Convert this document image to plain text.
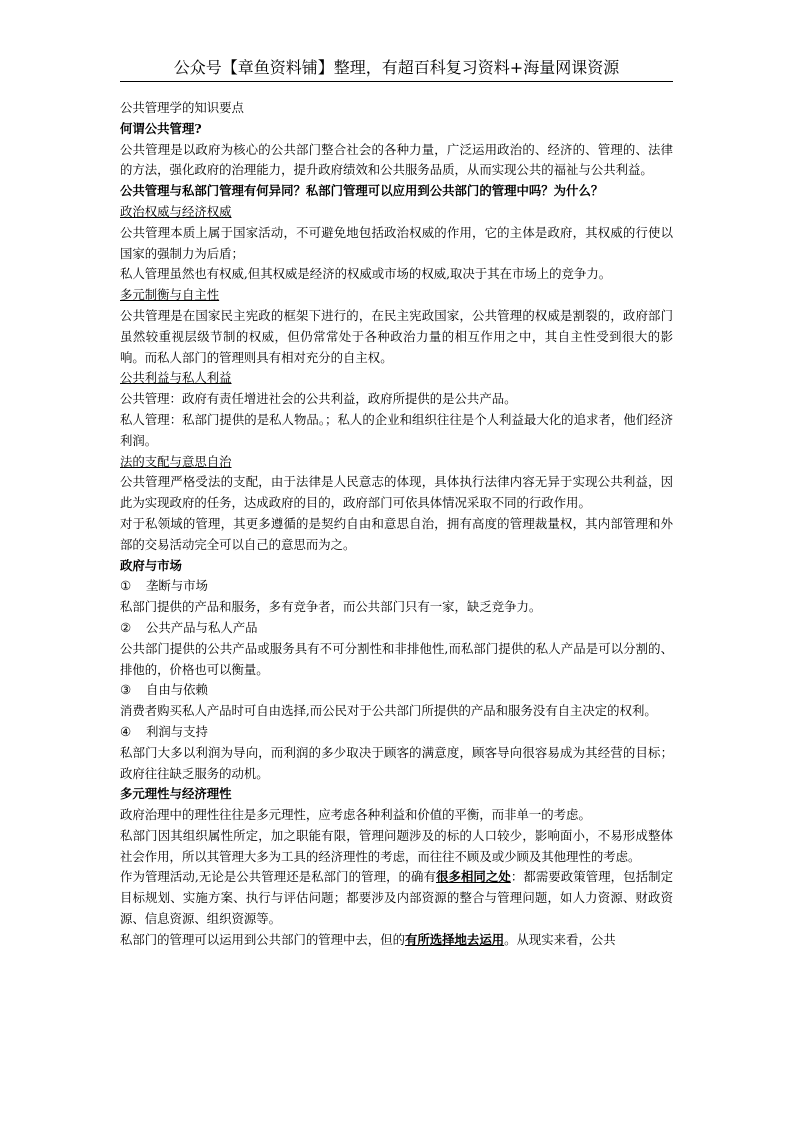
公众号【章鱼资料铺】整理，有超百科复习资料+海量网课资源

公共管理学的知识要点

何谓公共管理?

公共管理是以政府为核心的公共部门整合社会的各种力量，广泛运用政治的、经济的、管理的、法律的方法，强化政府的治理能力，提升政府绩效和公共服务品质，从而实现公共的福祉与公共利益。

公共管理与私部门管理有何异同？私部门管理可以应用到公共部门的管理中吗？为什么？

政治权威与经济权威

公共管理本质上属于国家活动，不可避免地包括政治权威的作用，它的主体是政府，其权威的行使以国家的强制力为后盾；

私人管理虽然也有权威,但其权威是经济的权威或市场的权威,取决于其在市场上的竞争力。

多元制衡与自主性

公共管理是在国家民主宪政的框架下进行的，在民主宪政国家，公共管理的权威是割裂的，政府部门虽然较重视层级节制的权威，但仍常常处于各种政治力量的相互作用之中，其自主性受到很大的影响。而私人部门的管理则具有相对充分的自主权。

公共利益与私人利益

公共管理：政府有责任增进社会的公共利益，政府所提供的是公共产品。

私人管理：私部门提供的是私人物品。；私人的企业和组织往往是个人利益最大化的追求者，他们经济利润。

法的支配与意思自治

公共管理严格受法的支配，由于法律是人民意志的体现，具体执行法律内容无异于实现公共利益，因此为实现政府的任务，达成政府的目的，政府部门可依具体情况采取不同的行政作用。

对于私领域的管理，其更多遵循的是契约自由和意思自治，拥有高度的管理裁量权，其内部管理和外部的交易活动完全可以自己的意思而为之。

政府与市场

① 垄断与市场

私部门提供的产品和服务，多有竞争者，而公共部门只有一家，缺乏竞争力。

② 公共产品与私人产品

公共部门提供的公共产品或服务具有不可分割性和非排他性,而私部门提供的私人产品是可以分割的、排他的，价格也可以衡量。

③ 自由与依赖

消费者购买私人产品时可自由选择,而公民对于公共部门所提供的产品和服务没有自主决定的权利。

④ 利润与支持

私部门大多以利润为导向，而利润的多少取决于顾客的满意度，顾客导向很容易成为其经营的目标；政府往往缺乏服务的动机。

多元理性与经济理性

政府治理中的理性往往是多元理性，应考虑各种利益和价值的平衡，而非单一的考虑。

私部门因其组织属性所定，加之职能有限，管理问题涉及的标的人口较少，影响面小，不易形成整体社会作用，所以其管理大多为工具的经济理性的考虑，而往往不顾及或少顾及其他理性的考虑。

作为管理活动,无论是公共管理还是私部门的管理，的确有很多相同之处：都需要政策管理，包括制定目标规划、实施方案、执行与评估问题；都要涉及内部资源的整合与管理问题，如人力资源、财政资源、信息资源、组织资源等。

私部门的管理可以运用到公共部门的管理中去，但的有所选择地去运用。从现实来看，公共
